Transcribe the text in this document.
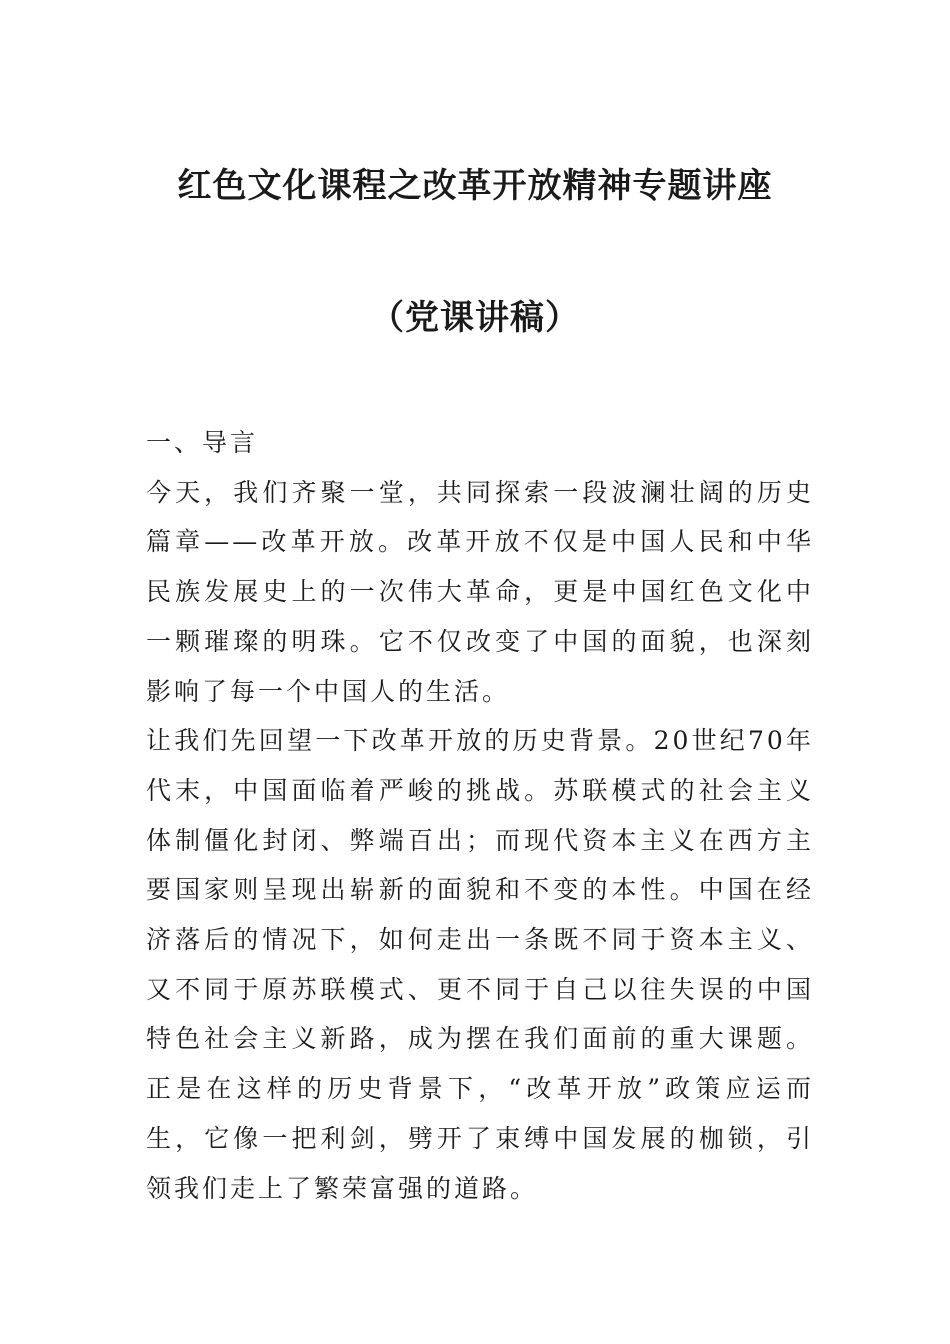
红色文化课程之改革开放精神专题讲座
（党课讲稿）

一、导言

今天，我们齐聚一堂，共同探索一段波澜壮阔的历史篇章——改革开放。改革开放不仅是中国人民和中华民族发展史上的一次伟大革命，更是中国红色文化中一颗璀璨的明珠。它不仅改变了中国的面貌，也深刻影响了每一个中国人的生活。

让我们先回望一下改革开放的历史背景。20世纪70年代末，中国面临着严峻的挑战。苏联模式的社会主义体制僵化封闭、弊端百出；而现代资本主义在西方主要国家则呈现出崭新的面貌和不变的本性。中国在经济落后的情况下，如何走出一条既不同于资本主义、又不同于原苏联模式、更不同于自己以往失误的中国特色社会主义新路，成为摆在我们面前的重大课题。正是在这样的历史背景下，“改革开放”政策应运而生，它像一把利剑，劈开了束缚中国发展的枷锁，引领我们走上了繁荣富强的道路。
